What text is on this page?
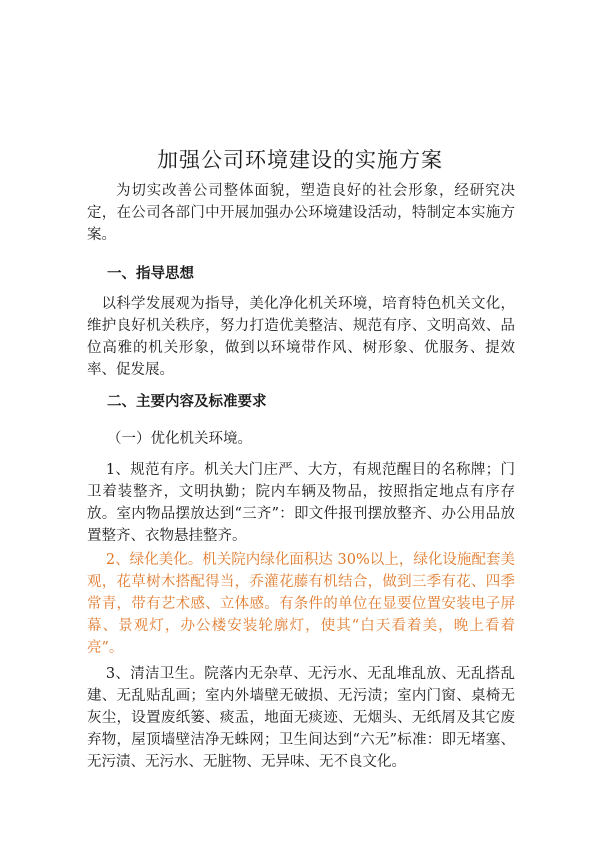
加强公司环境建设的实施方案

为切实改善公司整体面貌，塑造良好的社会形象，经研究决定，在公司各部门中开展加强办公环境建设活动，特制定本实施方案。

一、指导思想

以科学发展观为指导，美化净化机关环境，培育特色机关文化，维护良好机关秩序，努力打造优美整洁、规范有序、文明高效、品位高雅的机关形象，做到以环境带作风、树形象、优服务、提效率、促发展。

二、主要内容及标准要求

（一）优化机关环境。

1、规范有序。机关大门庄严、大方，有规范醒目的名称牌；门卫着装整齐，文明执勤；院内车辆及物品，按照指定地点有序存放。室内物品摆放达到“三齐”：即文件报刊摆放整齐、办公用品放置整齐、衣物悬挂整齐。

2、绿化美化。机关院内绿化面积达 30%以上，绿化设施配套美观，花草树木搭配得当，乔灌花藤有机结合，做到三季有花、四季常青，带有艺术感、立体感。有条件的单位在显要位置安装电子屏幕、景观灯，办公楼安装轮廓灯，使其“白天看着美，晚上看着亮”。

3、清洁卫生。院落内无杂草、无污水、无乱堆乱放、无乱搭乱建、无乱贴乱画；室内外墙壁无破损、无污渍；室内门窗、桌椅无灰尘，设置废纸篓、痰盂，地面无痰迹、无烟头、无纸屑及其它废弃物，屋顶墙壁洁净无蛛网；卫生间达到“六无”标准：即无堵塞、无污渍、无污水、无脏物、无异味、无不良文化。
